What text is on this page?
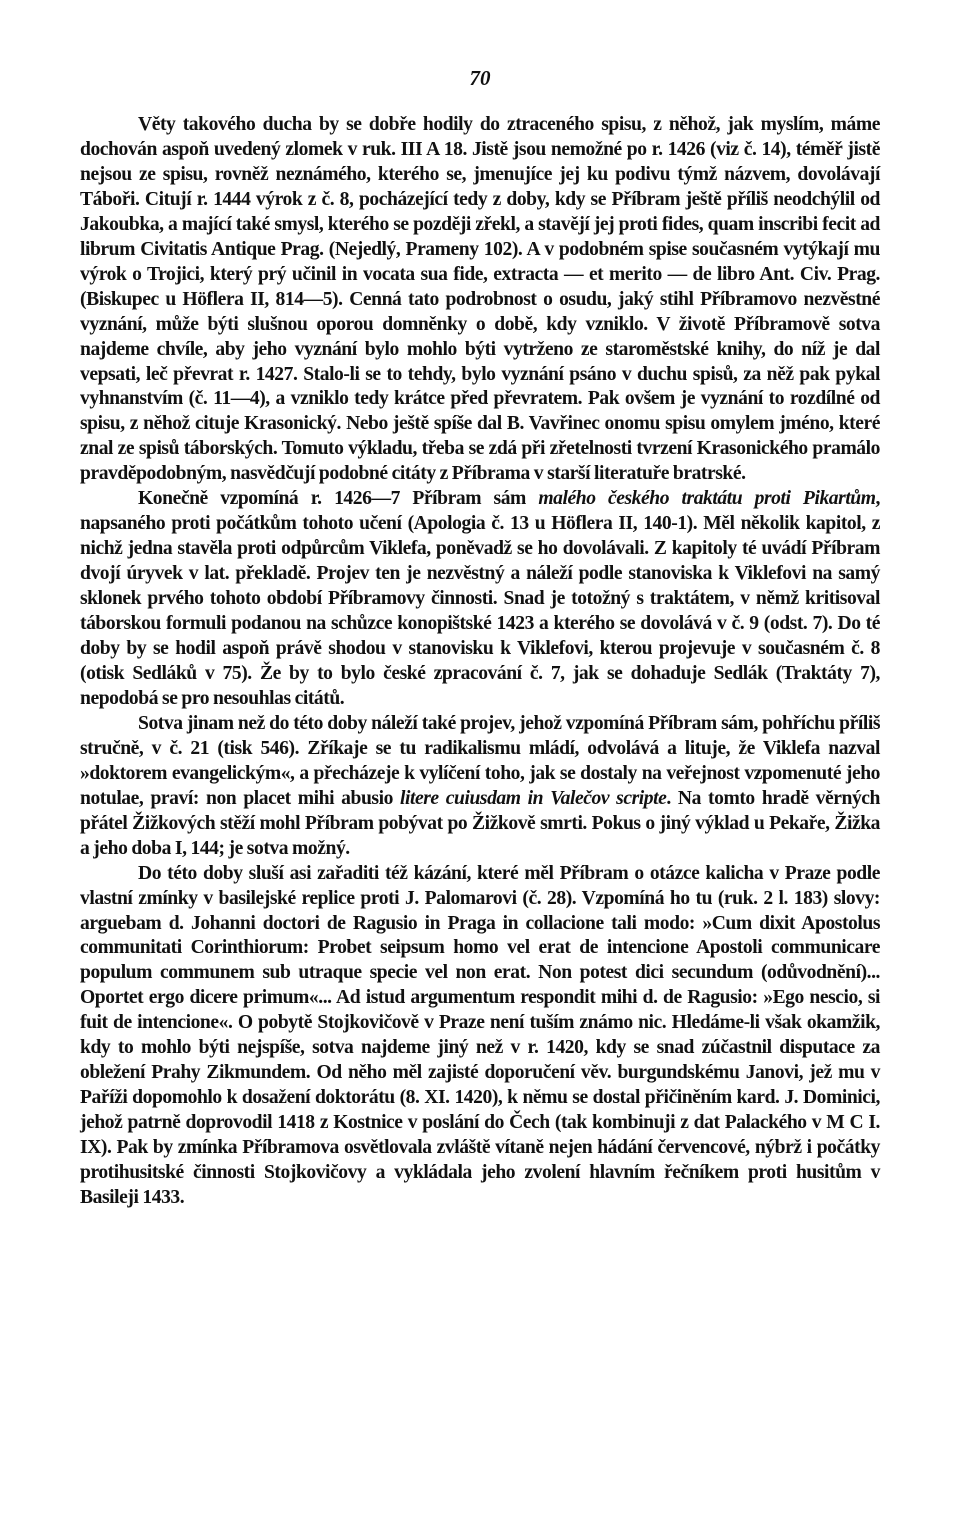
70

Věty takového ducha by se dobře hodily do ztraceného spisu, z něhož, jak myslím, máme dochován aspoň uvedený zlomek v ruk. III A 18. Jistě jsou nemožné po r. 1426 (viz č. 14), téměř jistě nejsou ze spisu, rovněž neznámého, kterého se, jmenujíce jej ku podivu týmž názvem, dovolávají Táboři. Citují r. 1444 výrok z č. 8, pocházející tedy z doby, kdy se Příbram ještě příliš neodchýlil od Jakoubka, a mající také smysl, kterého se později zřekl, a stavějí jej proti fides, quam inscribi fecit ad librum Civitatis Antique Prag. (Nejedlý, Prameny 102). A v podobném spise současném vytýkají mu výrok o Trojici, který prý učinil in vocata sua fide, extracta — et merito — de libro Ant. Civ. Prag. (Biskupec u Höflera II, 814—5). Cenná tato podrobnost o osudu, jaký stihl Příbramovo nezvěstné vyznání, může býti slušnou oporou domněnky o době, kdy vzniklo. V životě Příbramově sotva najdeme chvíle, aby jeho vyznání bylo mohlo býti vytrženo ze staroměstské knihy, do níž je dal vepsati, leč převrat r. 1427. Stalo-li se to tehdy, bylo vyznání psáno v duchu spisů, za něž pak pykal vyhnanstvím (č. 11—4), a vzniklo tedy krátce před převratem. Pak ovšem je vyznání to rozdílné od spisu, z něhož cituje Krasonický. Nebo ještě spíše dal B. Vavřinec onomu spisu omylem jméno, které znal ze spisů táborských. Tomuto výkladu, třeba se zdá při zřetelnosti tvrzení Krasonického pramálo pravděpodobným, nasvědčují podobné citáty z Příbrama v starší literatuře bratrské.

Konečně vzpomíná r. 1426—7 Příbram sám malého českého traktátu proti Pikartům, napsaného proti počátkům tohoto učení (Apologia č. 13 u Höflera II, 140-1). Měl několik kapitol, z nichž jedna stavěla proti odpůrcům Viklefa, poněvadž se ho dovolávali. Z kapitoly té uvádí Příbram dvojí úryvek v lat. překladě. Projev ten je nezvěstný a náleží podle stanoviska k Viklefovi na samý sklonek prvého tohoto období Příbramovy činnosti. Snad je totožný s traktátem, v němž kritisoval táborskou formuli podanou na schůzce konopištské 1423 a kterého se dovolává v č. 9 (odst. 7). Do té doby by se hodil aspoň právě shodou v stanovisku k Viklefovi, kterou projevuje v současném č. 8 (otisk Sedláků v 75). Že by to bylo české zpracování č. 7, jak se dohaduje Sedlák (Traktáty 7), nepodobá se pro nesouhlas citátů.

Sotva jinam než do této doby náleží také projev, jehož vzpomíná Příbram sám, pohříchu příliš stručně, v č. 21 (tisk 546). Zříkaje se tu radikalismu mládí, odvolává a lituje, že Viklefa nazval »doktorem evangelickým«, a přecházeje k vylíčení toho, jak se dostaly na veřejnost vzpomenuté jeho notulae, praví: non placet mihi abusio litere cuiusdam in Valečov scripte. Na tomto hradě věrných přátel Žižkových stěží mohl Příbram pobývat po Žižkově smrti. Pokus o jiný výklad u Pekaře, Žižka a jeho doba I, 144; je sotva možný.

Do této doby sluší asi zařaditi též kázání, které měl Příbram o otázce kalicha v Praze podle vlastní zmínky v basilejské replice proti J. Palomarovi (č. 28). Vzpomíná ho tu (ruk. 2 l. 183) slovy: arguebam d. Johanni doctori de Ragusio in Praga in collacione tali modo: »Cum dixit Apostolus communitati Corinthiorum: Probet seipsum homo vel erat de intencione Apostoli communicare populum communem sub utraque specie vel non erat. Non potest dici secundum (odůvodnění)... Oportet ergo dicere primum«... Ad istud argumentum respondit mihi d. de Ragusio: »Ego nescio, si fuit de intencione«. O pobytě Stojkovičově v Praze není tuším známo nic. Hledáme-li však okamžik, kdy to mohlo býti nejspíše, sotva najdeme jiný než v r. 1420, kdy se snad zúčastnil disputace za obležení Prahy Zikmundem. Od něho měl zajisté doporučení věv. burgundskému Janovi, jež mu v Paříži dopomohlo k dosažení doktorátu (8. XI. 1420), k němu se dostal přičiněním kard. J. Dominici, jehož patrně doprovodil 1418 z Kostnice v poslání do Čech (tak kombinuji z dat Palackého v M C I. IX). Pak by zmínka Příbramova osvětlovala zvláště vítaně nejen hádání červencové, nýbrž i počátky protihusitské činnosti Stojkovičovy a vykládala jeho zvolení hlavním řečníkem proti husitům v Basileji 1433.
